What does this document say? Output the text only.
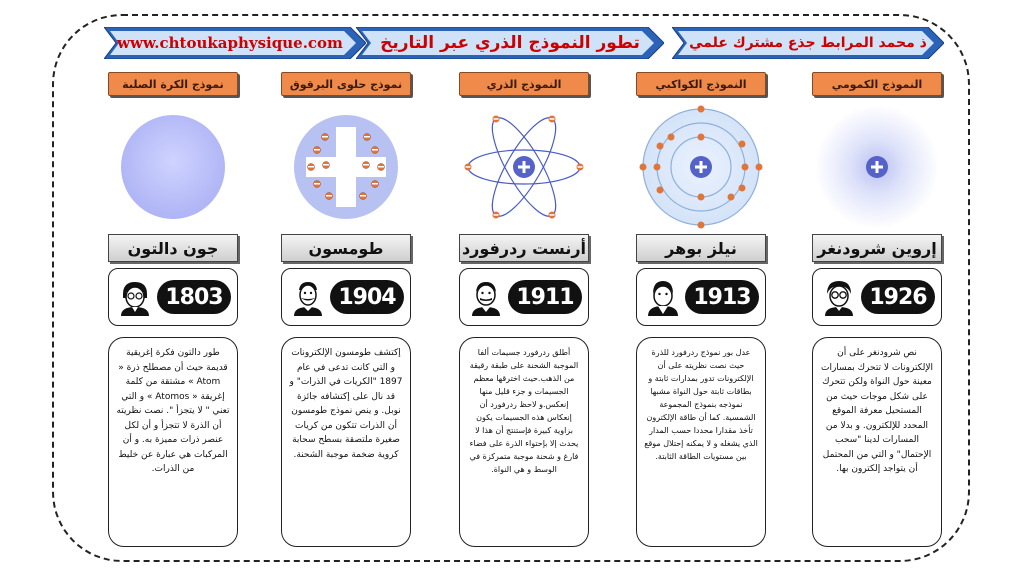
www.chtoukaphysique.com	تطور النموذج الذري عبر التاريخ	ذ محمد المرابط جذع مشترك علمي
نموذج الكرة الصلبة
جون دالتون
1803
طور دالتون فكرة إغريقية قديمة حيث أن مصطلح ذرة « Atom » مشتقة من كلمة إغريقة « Atomos » و التي تعني " لا يتجزأ ". نصت نظريته أن الذرة لا تتجزأ و أن لكل عنصر ذرات مميزة به. و أن المركبات هي عبارة عن خليط من الذرات.
نموذج حلوى البرقوق
طومسون
1904
إكتشف طومسون الإلكترونات و التي كانت تدعى في عام 1897 "الكريات في الذرات" و قد نال على إكتشافه جائزة نوبل. و ينص نموذج طومسون أن الذرات تتكون من كريات صغيرة ملتصقة بسطح سحابة كروية ضخمة موجبة الشحنة.
النموذج الذري
أرنست ردرفورد
1911
أطلق ردرفورد جسيمات ألفا الموجبة الشحنة على طبقة رقيقة من الذهب.حيث اخترقها معظم الجسيمات و جزء قليل منها إنعكس.و لاحظ ردرفورد أن إنعكاس هذه الجسيمات يكون بزاوية كبيرة فإستنتج أن هذا لا يحدث إلا بإحتواء الذرة على فضاء فارغ و شحنة موجبة متمركزة في الوسط و هي النواة.
النموذج الكواكبي
نيلز بوهر
1913
عدل بور نموذج ردرفورد للذرة حيث نصت نظريته على أن الإلكترونات تدور بمدارات ثابتة و بطاقات ثابتة حول النواة مشبها نموذجه بنموذج المجموعة الشمسية. كما أن طاقة الإلكترون تأخذ مقدارا محددا حسب المدار الذي يشغله و لا يمكنه إحتلال موقع بين مستويات الطاقة الثابتة.
النموذج الكمومي
إروين شرودنغر
1926
نص شرودنغر على أن الإلكترونات لا تتحرك بمسارات معينة حول النواة ولكن تتحرك على شكل موجات حيث من المستحيل معرفة الموقع المحدد للإلكترون. و بدلا من المسارات لدينا "سحب الإحتمال" و التي من المحتمل أن يتواجد إلكترون بها.
